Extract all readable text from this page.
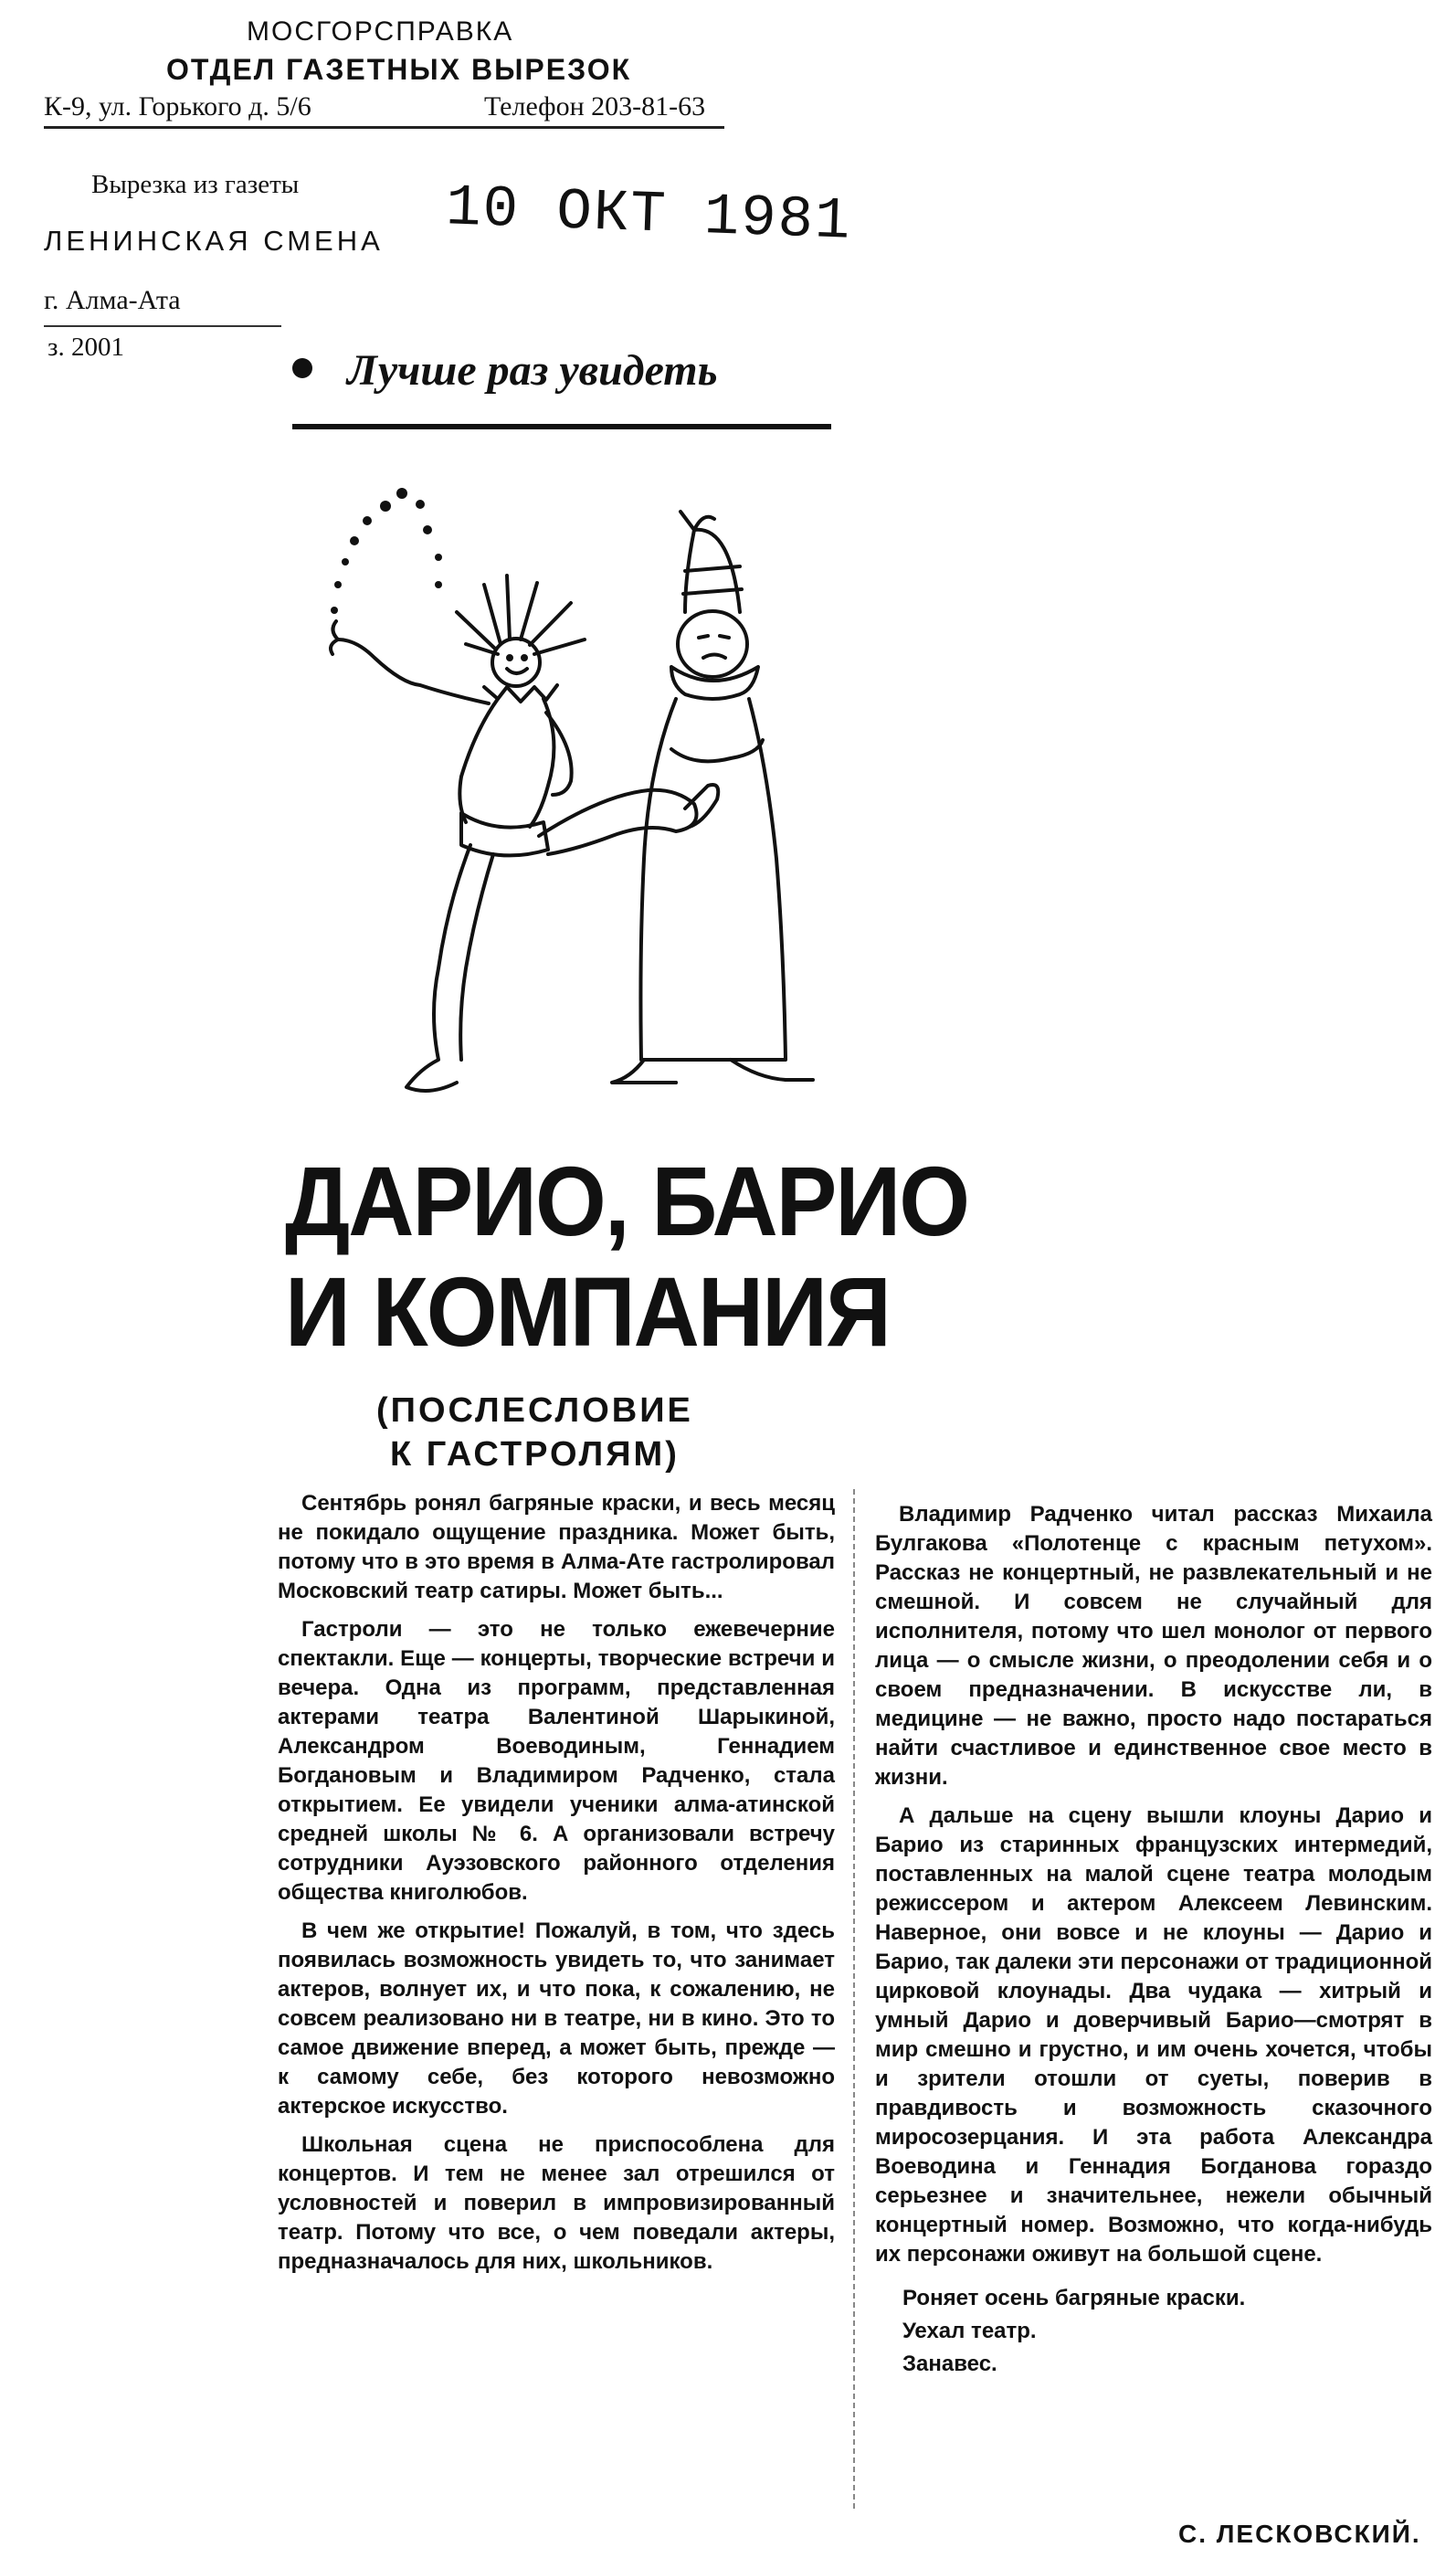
МОСГОРСПРАВКА
ОТДЕЛ ГАЗЕТНЫХ ВЫРЕЗОК
К-9, ул. Горького д. 5/6	Телефон 203-81-63
Вырезка из газеты
ЛЕНИНСКАЯ СМЕНА 10 ОКТ 1981
г. Алма-Ата
з. 2001	Лучше раз увидеть
ДАРИО, БАРИО
И КОМПАНИЯ
(ПОСЛЕСЛОВИЕ
К ГАСТРОЛЯМ)

Сентябрь ронял багряные краски, и весь месяц не покидало ощущение праздника. Может быть, потому что в это время в Алма-Ате гастролировал Московский театр сатиры. Может быть...

Гастроли — это не только ежевечерние спектакли. Еще — концерты, творческие встречи и вечера. Одна из программ, представленная актерами театра Валентиной Шарыкиной, Александром Воеводиным, Геннадием Богдановым и Владимиром Радченко, стала открытием. Ее увидели ученики алма-атинской средней школы № 6. А организовали встречу сотрудники Ауэзовского районного отделения общества книголюбов.

В чем же открытие! Пожалуй, в том, что здесь появилась возможность увидеть то, что занимает актеров, волнует их, и что пока, к сожалению, не совсем реализовано ни в театре, ни в кино. Это то самое движение вперед, а может быть, прежде — к самому себе, без которого невозможно актерское искусство.

Школьная сцена не приспособлена для концертов. И тем не менее зал отрешился от условностей и поверил в импровизированный театр. Потому что все, о чем поведали актеры, предназначалось для них, школьников.

Владимир Радченко читал рассказ Михаила Булгакова «Полотенце с красным петухом». Рассказ не концертный, не развлекательный и не смешной. И совсем не случайный для исполнителя, потому что шел монолог от первого лица — о смысле жизни, о преодолении себя и о своем предназначении. В искусстве ли, в медицине — не важно, просто надо постараться найти счастливое и единственное свое место в жизни.

А дальше на сцену вышли клоуны Дарио и Барио из старинных французских интермедий, поставленных на малой сцене театра молодым режиссером и актером Алексеем Левинским. Наверное, они вовсе и не клоуны — Дарио и Барио, так далеки эти персонажи от традиционной цирковой клоунады. Два чудака — хитрый и умный Дарио и доверчивый Барио—смотрят в мир смешно и грустно, и им очень хочется, чтобы и зрители отошли от суеты, поверив в правдивость и возможность сказочного миросозерцания. И эта работа Александра Воеводина и Геннадия Богданова гораздо серьезнее и значительнее, нежели обычный концертный номер. Возможно, что когда-нибудь их персонажи оживут на большой сцене.

Роняет осень багряные краски.

Уехал театр.

Занавес.

С. ЛЕСКОВСКИЙ.
